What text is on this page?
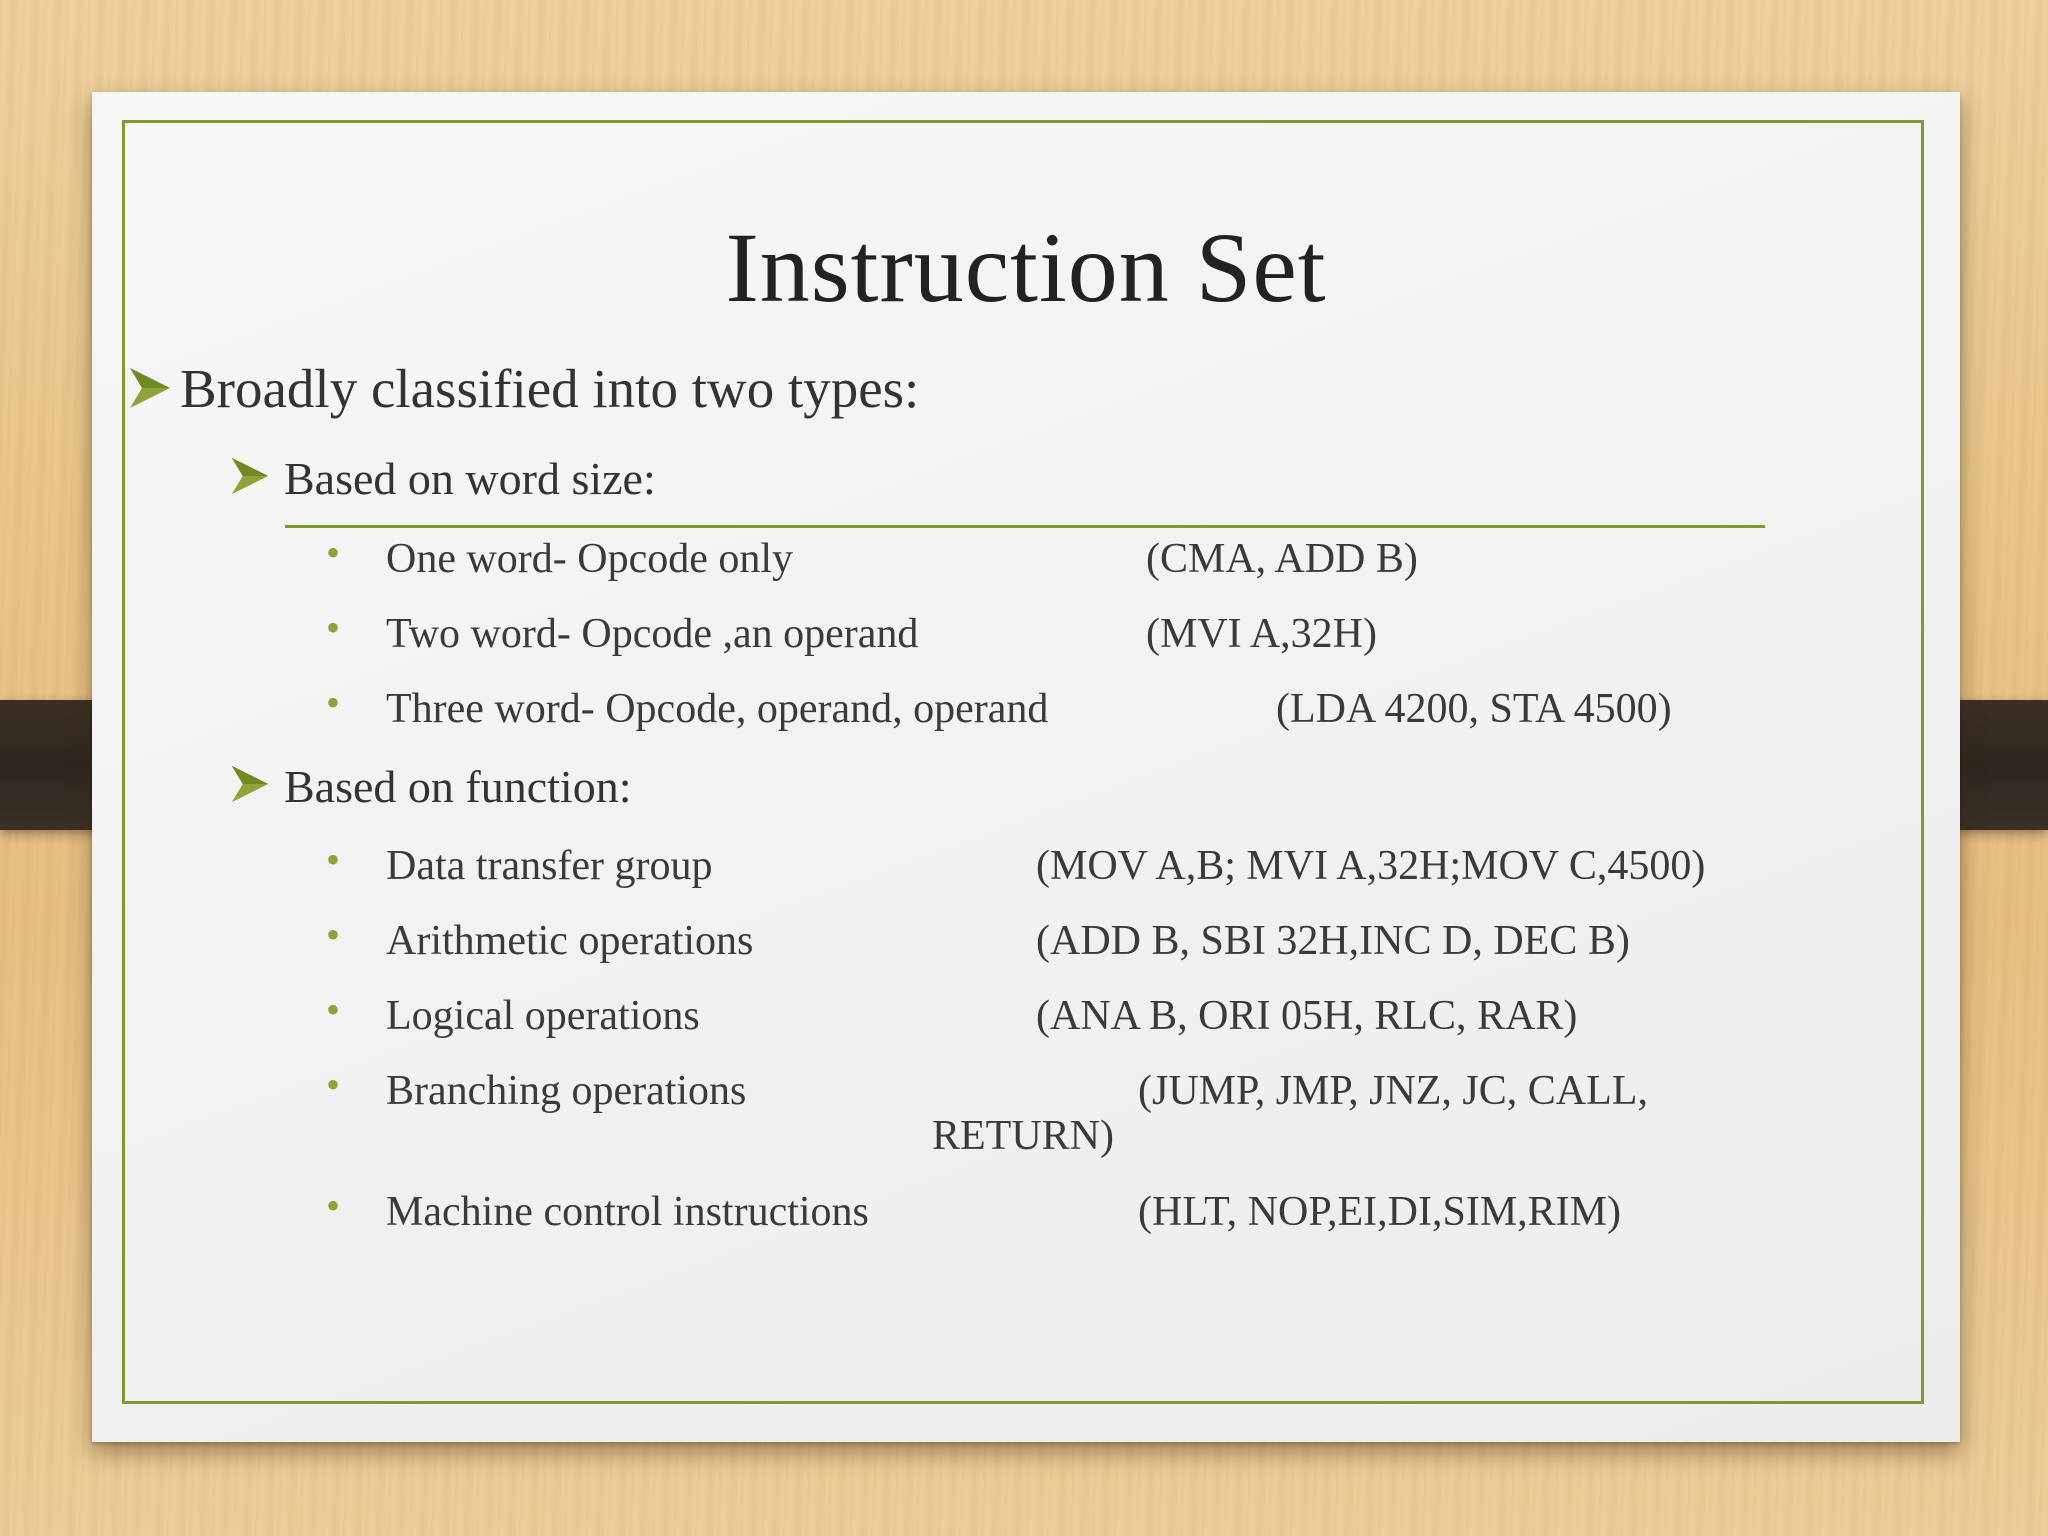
Instruction Set
Broadly classified into two types:
Based on word size:
• One word- Opcode only	(CMA, ADD B)
• Two word- Opcode ,an operand	(MVI A,32H)
• Three word- Opcode, operand, operand	(LDA 4200, STA 4500)
Based on function:
• Data transfer group	(MOV A,B; MVI A,32H;MOV C,4500)
• Arithmetic operations	(ADD B, SBI 32H,INC D, DEC B)
• Logical operations	(ANA B, ORI 05H, RLC, RAR)
• Branching operations	(JUMP, JMP, JNZ, JC, CALL,
RETURN)
• Machine control instructions	(HLT, NOP,EI,DI,SIM,RIM)
